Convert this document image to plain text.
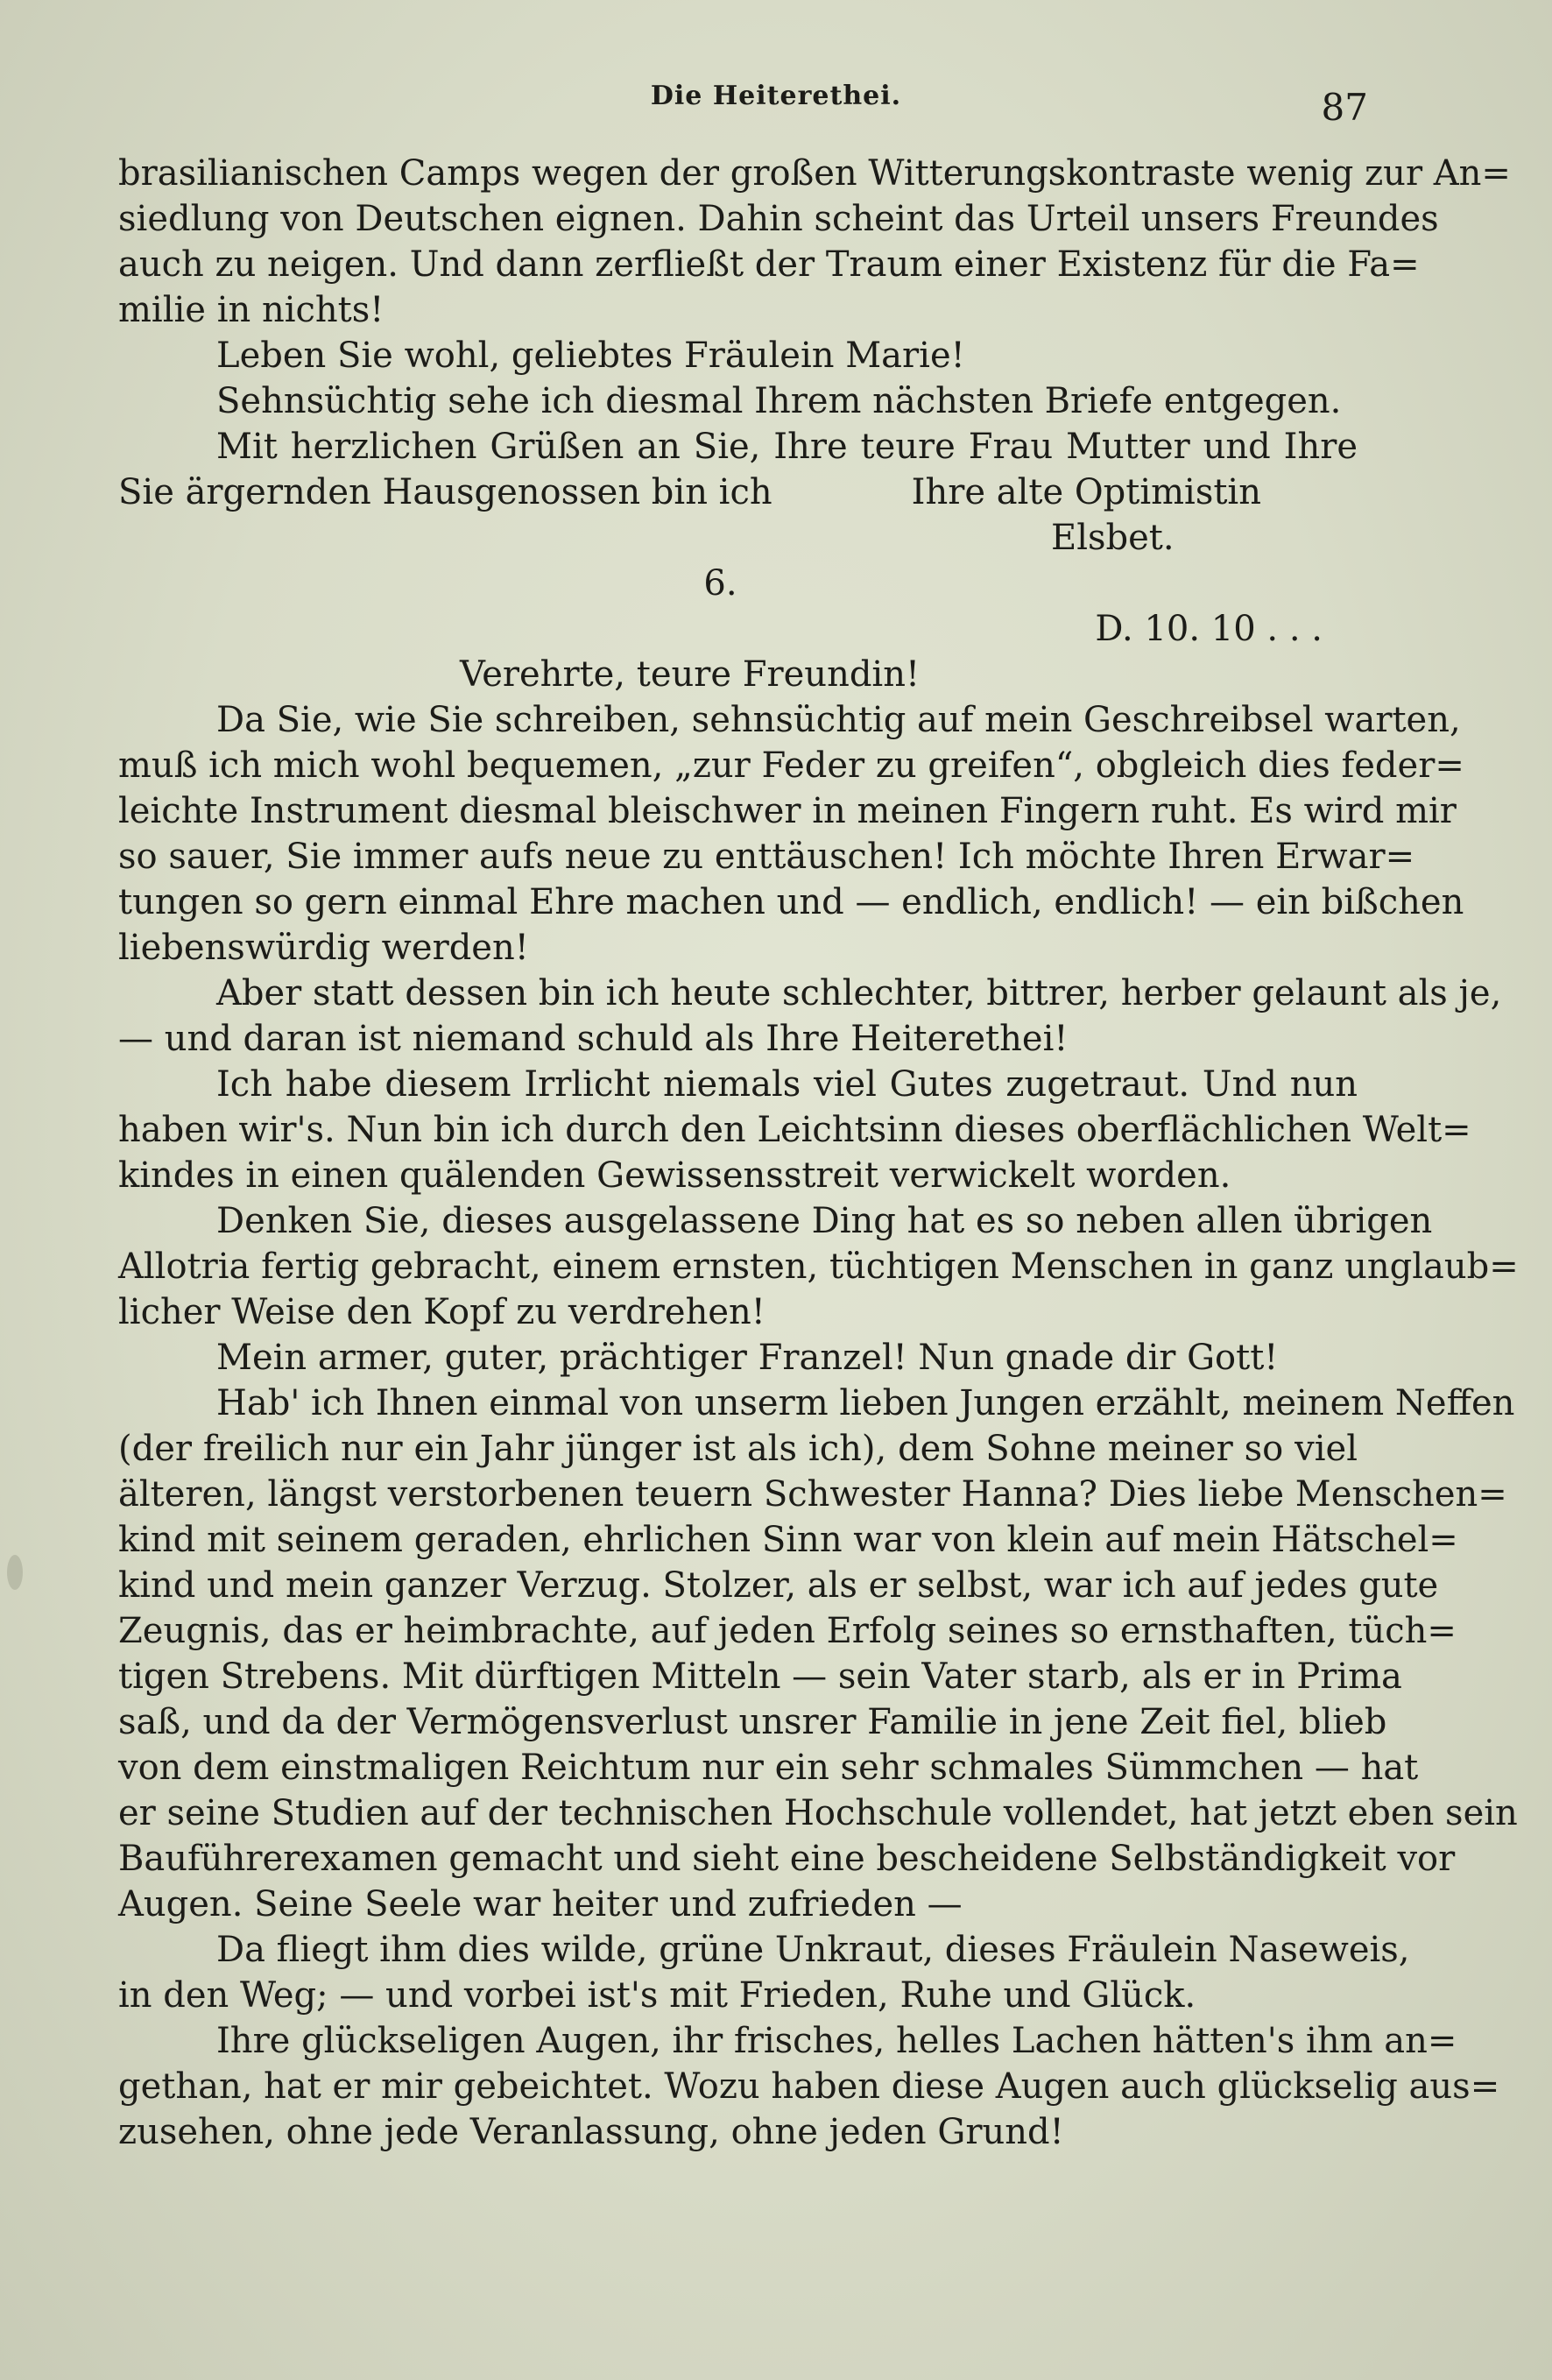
Die Heiterethei.	87
brasilianischen Camps wegen der großen Witterungskontraste wenig zur An=
siedlung von Deutschen eignen. Dahin scheint das Urteil unsers Freundes
auch zu neigen. Und dann zerfließt der Traum einer Existenz für die Fa=
milie in nichts!
Leben Sie wohl, geliebtes Fräulein Marie!
Sehnsüchtig sehe ich diesmal Ihrem nächsten Briefe entgegen.
Mit herzlichen Grüßen an Sie, Ihre teure Frau Mutter und Ihre
Sie ärgernden Hausgenossen bin ich	Ihre alte Optimistin
Elsbet.
6.
D. 10. 10 . . .
Verehrte, teure Freundin!
Da Sie, wie Sie schreiben, sehnsüchtig auf mein Geschreibsel warten,
muß ich mich wohl bequemen, „zur Feder zu greifen“, obgleich dies feder=
leichte Instrument diesmal bleischwer in meinen Fingern ruht. Es wird mir
so sauer, Sie immer aufs neue zu enttäuschen! Ich möchte Ihren Erwar=
tungen so gern einmal Ehre machen und — endlich, endlich! — ein bißchen
liebenswürdig werden!
Aber statt dessen bin ich heute schlechter, bittrer, herber gelaunt als je,
— und daran ist niemand schuld als Ihre Heiterethei!
Ich habe diesem Irrlicht niemals viel Gutes zugetraut. Und nun
haben wir's. Nun bin ich durch den Leichtsinn dieses oberflächlichen Welt=
kindes in einen quälenden Gewissensstreit verwickelt worden.
Denken Sie, dieses ausgelassene Ding hat es so neben allen übrigen
Allotria fertig gebracht, einem ernsten, tüchtigen Menschen in ganz unglaub=
licher Weise den Kopf zu verdrehen!
Mein armer, guter, prächtiger Franzel! Nun gnade dir Gott!
Hab' ich Ihnen einmal von unserm lieben Jungen erzählt, meinem Neffen
(der freilich nur ein Jahr jünger ist als ich), dem Sohne meiner so viel
älteren, längst verstorbenen teuern Schwester Hanna? Dies liebe Menschen=
kind mit seinem geraden, ehrlichen Sinn war von klein auf mein Hätschel=
kind und mein ganzer Verzug. Stolzer, als er selbst, war ich auf jedes gute
Zeugnis, das er heimbrachte, auf jeden Erfolg seines so ernsthaften, tüch=
tigen Strebens. Mit dürftigen Mitteln — sein Vater starb, als er in Prima
saß, und da der Vermögensverlust unsrer Familie in jene Zeit fiel, blieb
von dem einstmaligen Reichtum nur ein sehr schmales Sümmchen — hat
er seine Studien auf der technischen Hochschule vollendet, hat jetzt eben sein
Bauführerexamen gemacht und sieht eine bescheidene Selbständigkeit vor
Augen. Seine Seele war heiter und zufrieden —
Da fliegt ihm dies wilde, grüne Unkraut, dieses Fräulein Naseweis,
in den Weg; — und vorbei ist's mit Frieden, Ruhe und Glück.
Ihre glückseligen Augen, ihr frisches, helles Lachen hätten's ihm an=
gethan, hat er mir gebeichtet. Wozu haben diese Augen auch glückselig aus=
zusehen, ohne jede Veranlassung, ohne jeden Grund!
